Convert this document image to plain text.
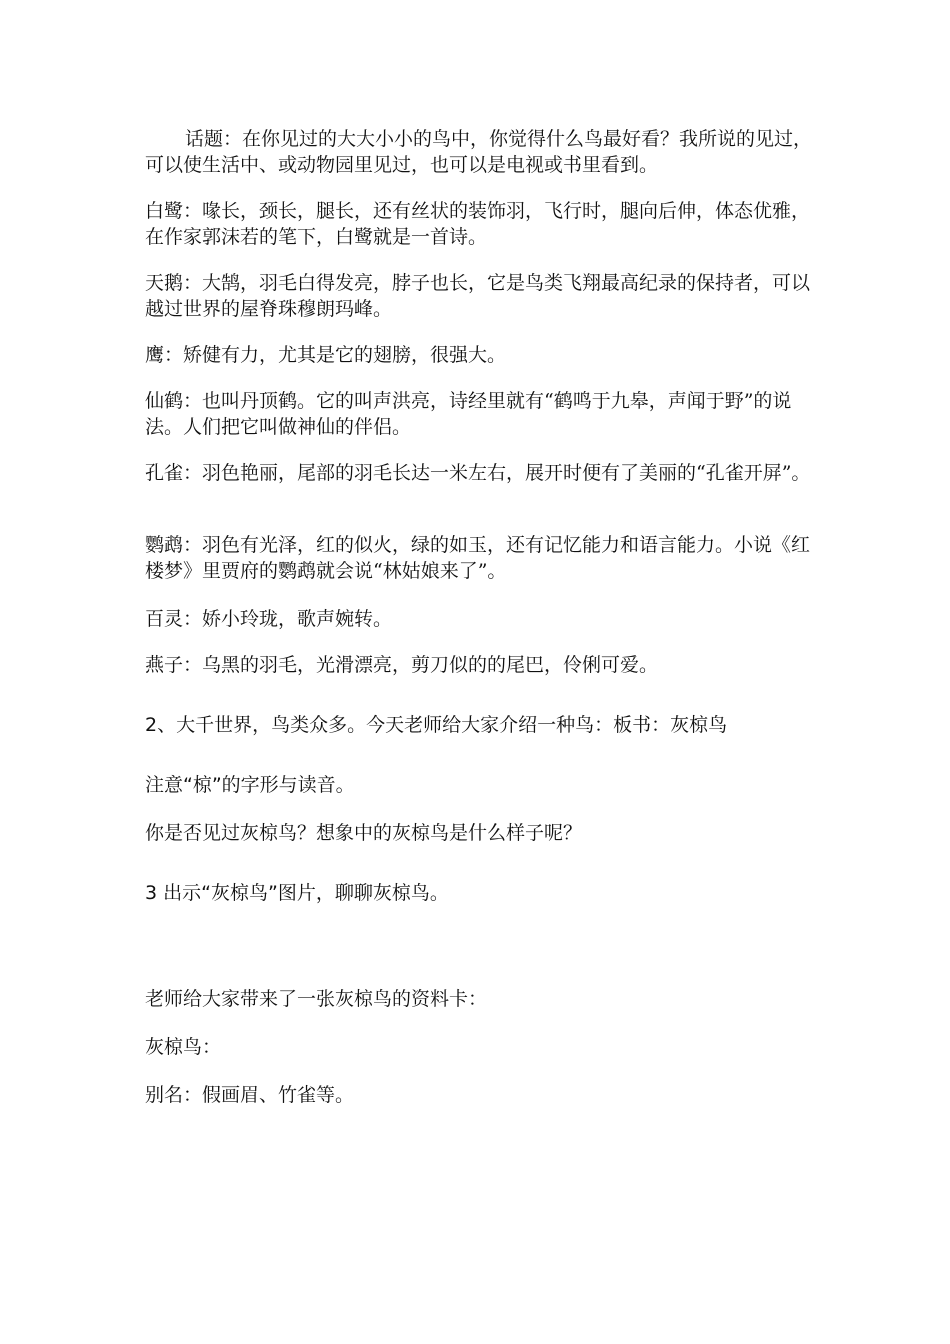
话题：在你见过的大大小小的鸟中，你觉得什么鸟最好看？我所说的见过，可以使生活中、或动物园里见过，也可以是电视或书里看到。

白鹭：喙长，颈长，腿长，还有丝状的装饰羽，飞行时，腿向后伸，体态优雅，在作家郭沫若的笔下，白鹭就是一首诗。

天鹅：大鹄，羽毛白得发亮，脖子也长，它是鸟类飞翔最高纪录的保持者，可以越过世界的屋脊珠穆朗玛峰。

鹰：矫健有力，尤其是它的翅膀，很强大。

仙鹤：也叫丹顶鹤。它的叫声洪亮，诗经里就有“鹤鸣于九皋，声闻于野”的说法。人们把它叫做神仙的伴侣。

孔雀：羽色艳丽，尾部的羽毛长达一米左右，展开时便有了美丽的“孔雀开屏”。

鹦鹉：羽色有光泽，红的似火，绿的如玉，还有记忆能力和语言能力。小说《红楼梦》里贾府的鹦鹉就会说“林姑娘来了”。

百灵：娇小玲珑，歌声婉转。

燕子：乌黑的羽毛，光滑漂亮，剪刀似的的尾巴，伶俐可爱。

2、大千世界，鸟类众多。今天老师给大家介绍一种鸟：板书：灰椋鸟

注意“椋”的字形与读音。

你是否见过灰椋鸟？想象中的灰椋鸟是什么样子呢？

3 出示“灰椋鸟”图片，聊聊灰椋鸟。

老师给大家带来了一张灰椋鸟的资料卡：

灰椋鸟：

别名：假画眉、竹雀等。
